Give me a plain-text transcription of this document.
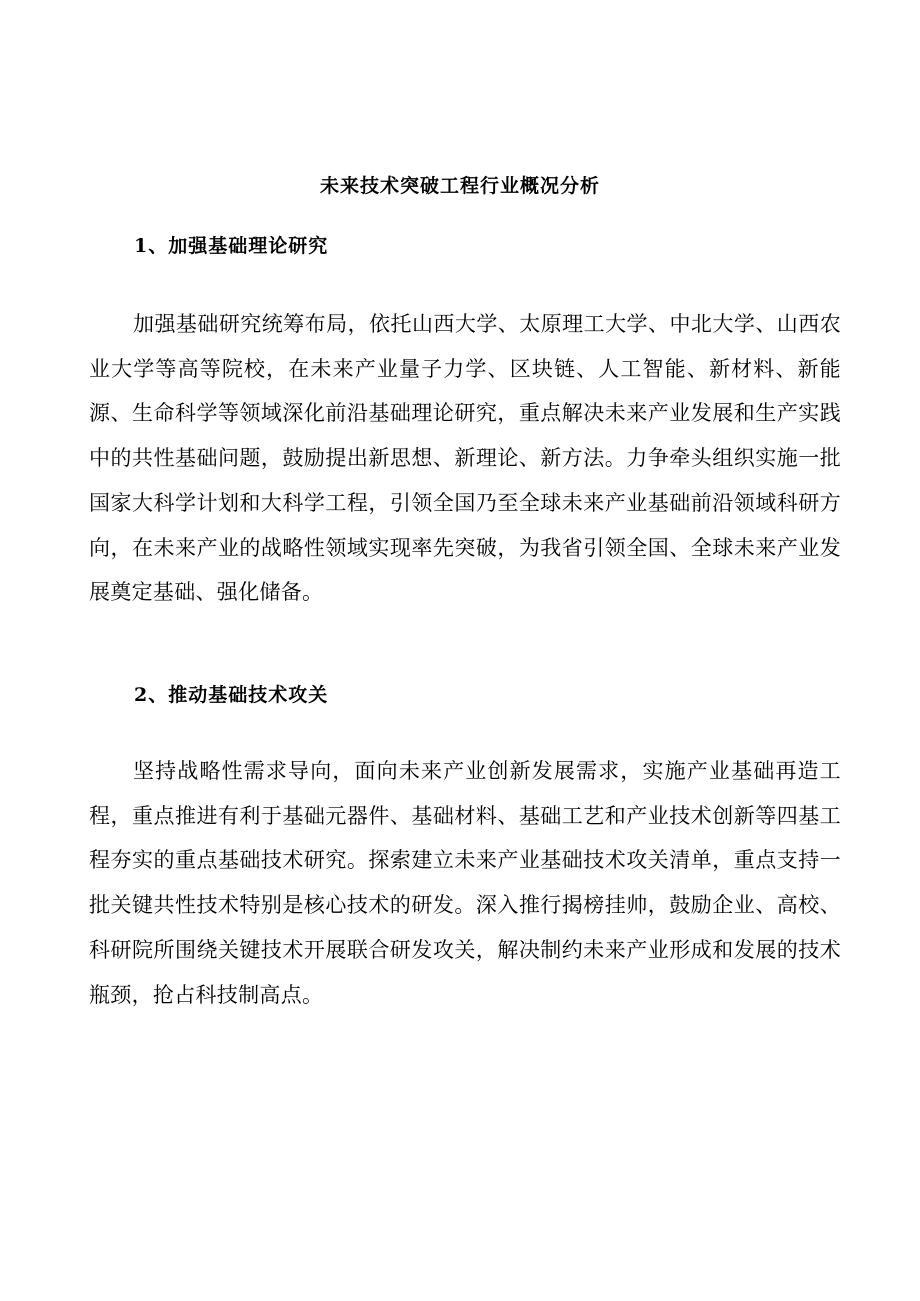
未来技术突破工程行业概况分析
1、加强基础理论研究

加强基础研究统筹布局，依托山西大学、太原理工大学、中北大学、山西农业大学等高等院校，在未来产业量子力学、区块链、人工智能、新材料、新能源、生命科学等领域深化前沿基础理论研究，重点解决未来产业发展和生产实践中的共性基础问题，鼓励提出新思想、新理论、新方法。力争牵头组织实施一批国家大科学计划和大科学工程，引领全国乃至全球未来产业基础前沿领域科研方向，在未来产业的战略性领域实现率先突破，为我省引领全国、全球未来产业发展奠定基础、强化储备。

2、推动基础技术攻关

坚持战略性需求导向，面向未来产业创新发展需求，实施产业基础再造工程，重点推进有利于基础元器件、基础材料、基础工艺和产业技术创新等四基工程夯实的重点基础技术研究。探索建立未来产业基础技术攻关清单，重点支持一批关键共性技术特别是核心技术的研发。深入推行揭榜挂帅，鼓励企业、高校、科研院所围绕关键技术开展联合研发攻关，解决制约未来产业形成和发展的技术瓶颈，抢占科技制高点。
